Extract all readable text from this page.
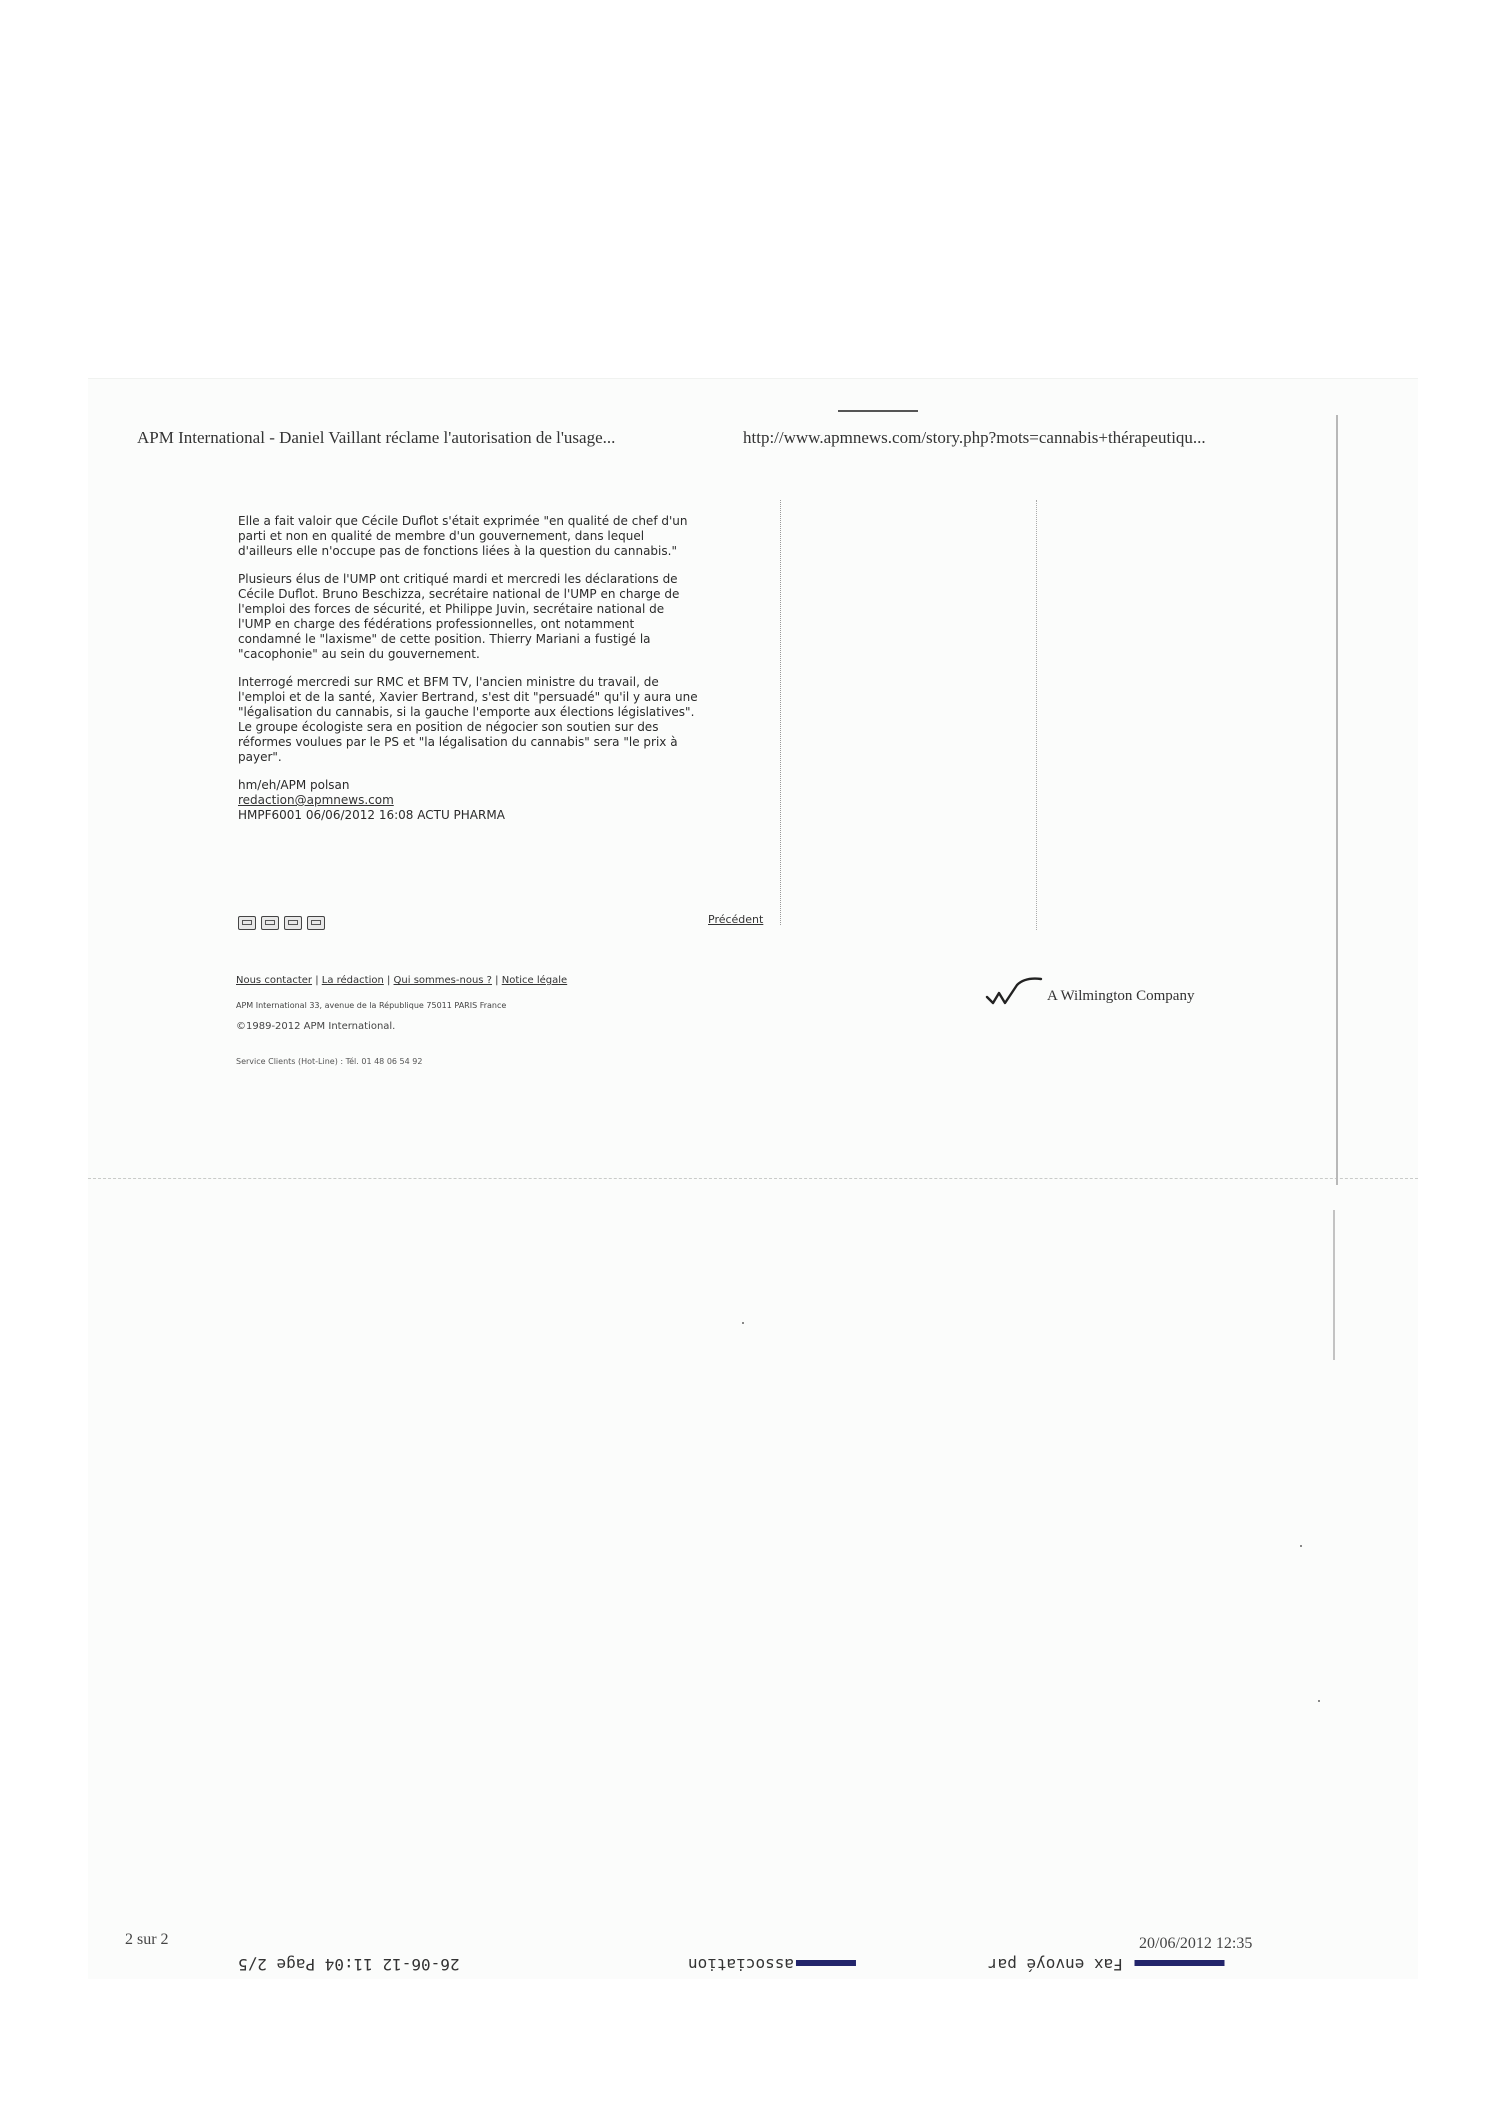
APM International - Daniel Vaillant réclame l'autorisation de l'usage...	http://www.apmnews.com/story.php?mots=cannabis+thérapeutiqu...

Elle a fait valoir que Cécile Duflot s'était exprimée "en qualité de chef d'un
parti et non en qualité de membre d'un gouvernement, dans lequel
d'ailleurs elle n'occupe pas de fonctions liées à la question du cannabis."

Plusieurs élus de l'UMP ont critiqué mardi et mercredi les déclarations de
Cécile Duflot. Bruno Beschizza, secrétaire national de l'UMP en charge de
l'emploi des forces de sécurité, et Philippe Juvin, secrétaire national de
l'UMP en charge des fédérations professionnelles, ont notamment
condamné le "laxisme" de cette position. Thierry Mariani a fustigé la
"cacophonie" au sein du gouvernement.

Interrogé mercredi sur RMC et BFM TV, l'ancien ministre du travail, de
l'emploi et de la santé, Xavier Bertrand, s'est dit "persuadé" qu'il y aura une
"légalisation du cannabis, si la gauche l'emporte aux élections législatives".
Le groupe écologiste sera en position de négocier son soutien sur des
réformes voulues par le PS et "la légalisation du cannabis" sera "le prix à
payer".

hm/eh/APM polsan

redaction@apmnews.com

HMPF6001 06/06/2012 16:08 ACTU PHARMA

Précédent
Nous contacter | La rédaction | Qui sommes-nous ? | Notice légale
APM International 33, avenue de la République 75011 PARIS France
©1989-2012 APM International.
Service Clients (Hot-Line) : Tél. 01 48 06 54 92
A Wilmington Company
2 sur 2	20/06/2012 12:35
26-06-12 11:04 Page 2/5	association	Fax envoyé par
